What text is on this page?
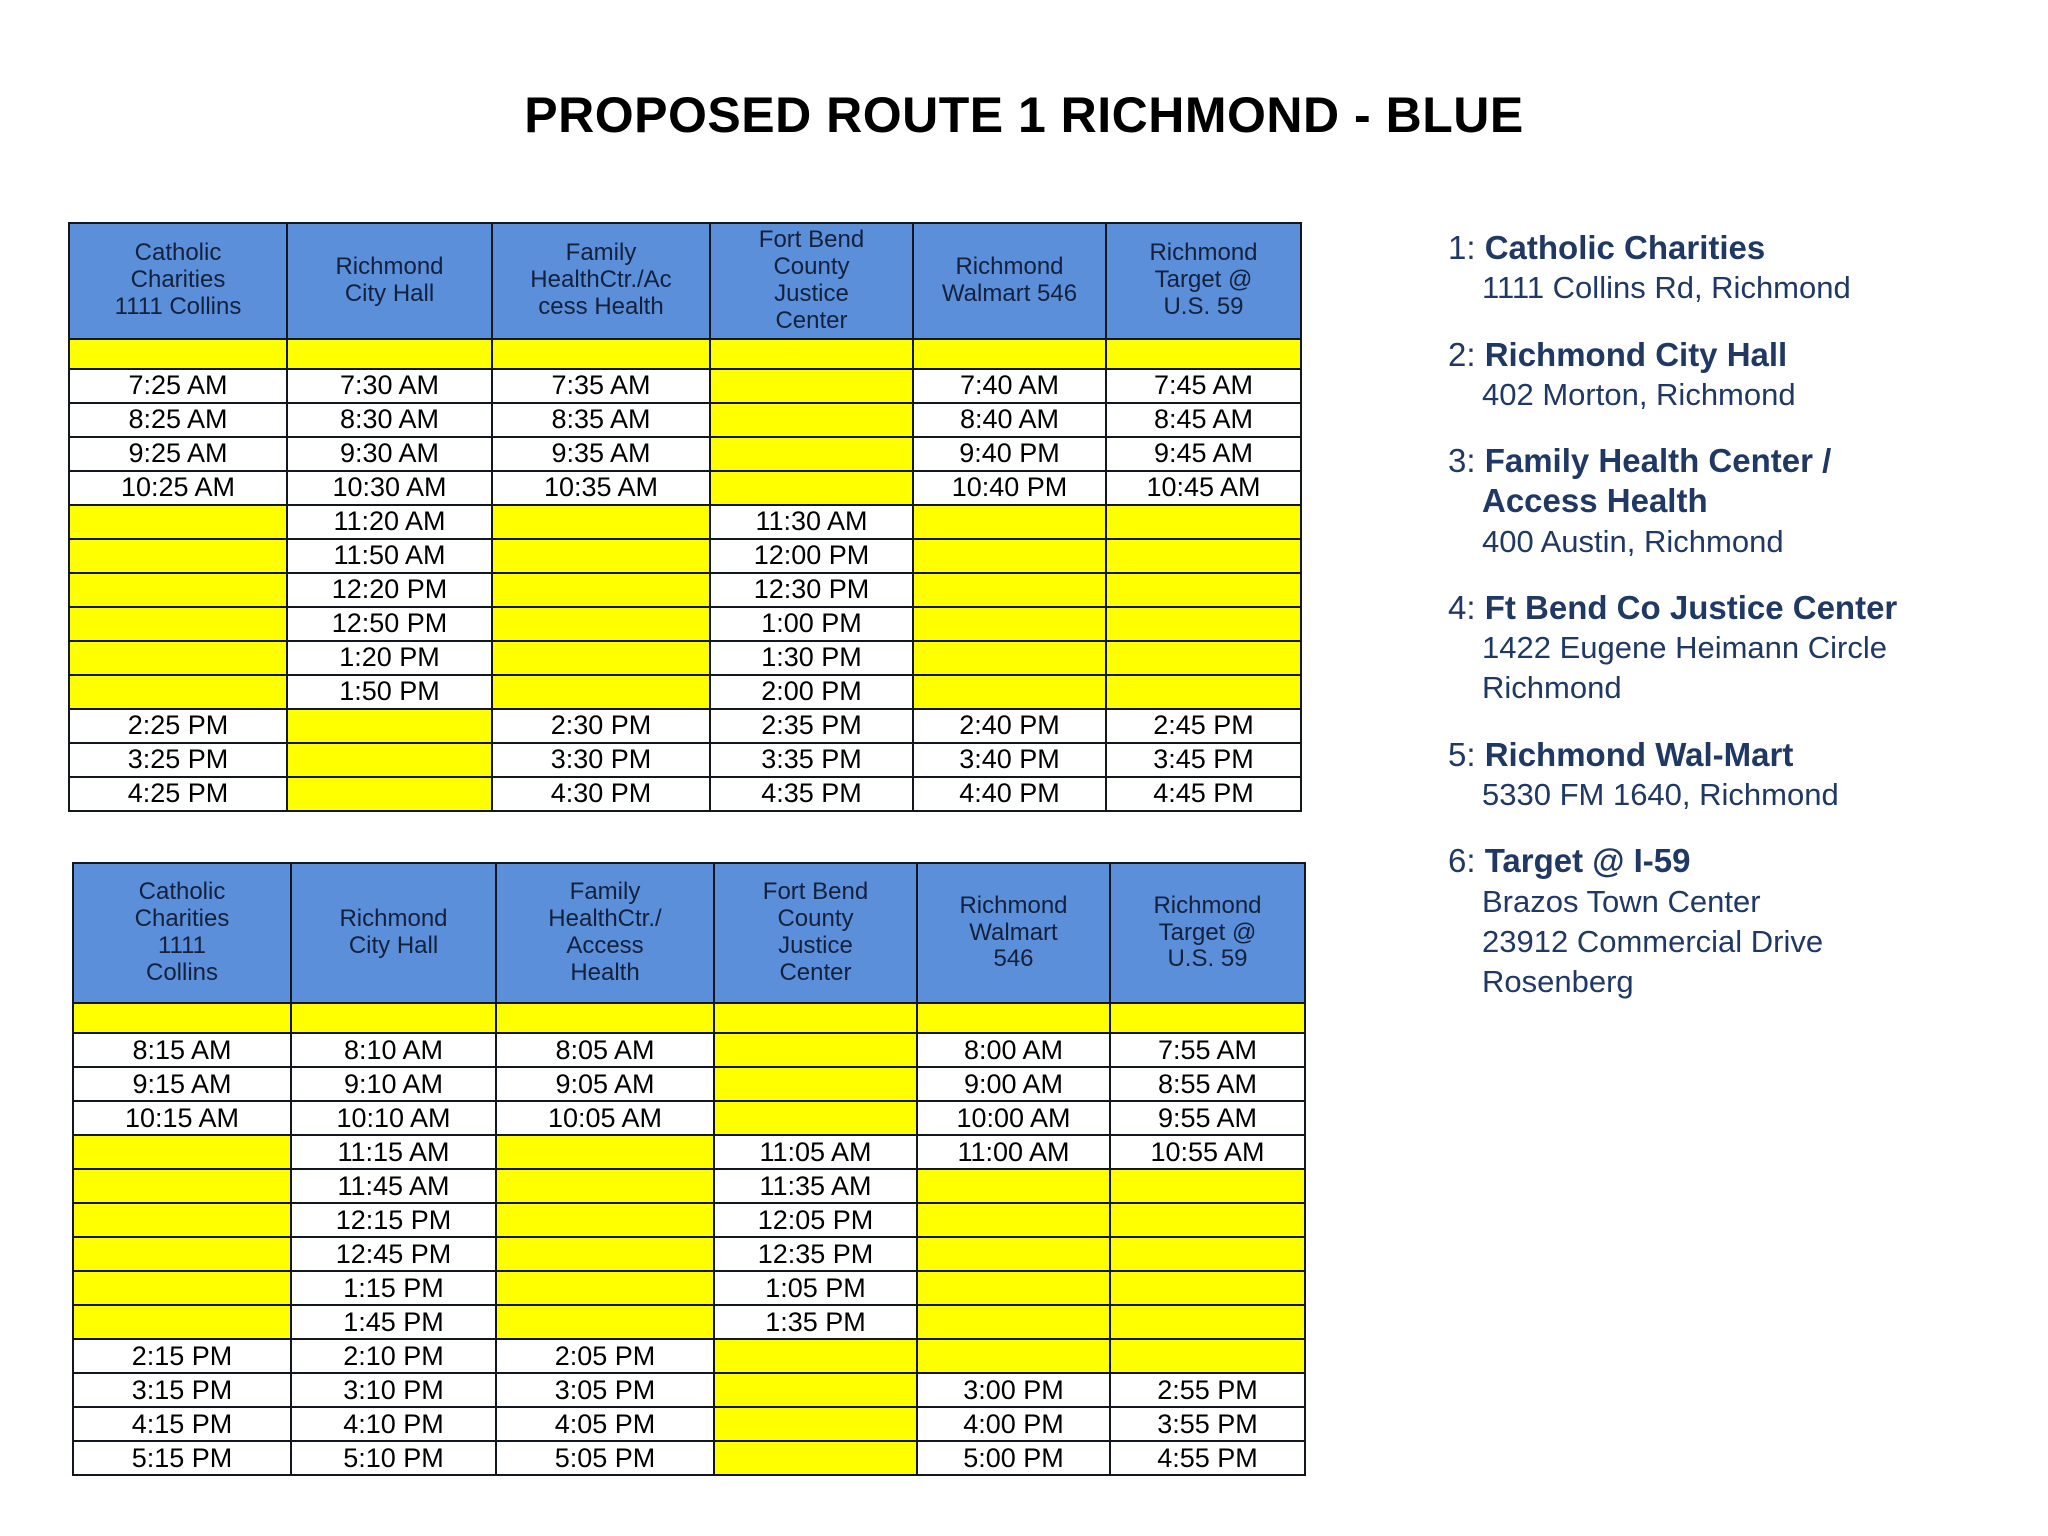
PROPOSED ROUTE 1 RICHMOND - BLUE
Catholic
Charities
1111 Collins	Richmond
City Hall	Family
HealthCtr./Ac
cess Health	Fort Bend
County
Justice
Center	Richmond
Walmart 546	Richmond
Target @
U.S. 59

7:25 AM	7:30 AM	7:35 AM		7:40 AM	7:45 AM
8:25 AM	8:30 AM	8:35 AM		8:40 AM	8:45 AM
9:25 AM	9:30 AM	9:35 AM		9:40 PM	9:45 AM
10:25 AM	10:30 AM	10:35 AM		10:40 PM	10:45 AM
	11:20 AM		11:30 AM		
	11:50 AM		12:00 PM		
	12:20 PM		12:30 PM		
	12:50 PM		1:00 PM		
	1:20 PM		1:30 PM		
	1:50 PM		2:00 PM		
2:25 PM		2:30 PM	2:35 PM	2:40 PM	2:45 PM
3:25 PM		3:30 PM	3:35 PM	3:40 PM	3:45 PM
4:25 PM		4:30 PM	4:35 PM	4:40 PM	4:45 PM
Catholic
Charities
1111
Collins	Richmond
City Hall	Family
HealthCtr./
Access
Health	Fort Bend
County
Justice
Center	Richmond
Walmart
546	Richmond
Target @
U.S. 59

8:15 AM	8:10 AM	8:05 AM		8:00 AM	7:55 AM
9:15 AM	9:10 AM	9:05 AM		9:00 AM	8:55 AM
10:15 AM	10:10 AM	10:05 AM		10:00 AM	9:55 AM
	11:15 AM		11:05 AM	11:00 AM	10:55 AM
	11:45 AM		11:35 AM		
	12:15 PM		12:05 PM		
	12:45 PM		12:35 PM		
	1:15 PM		1:05 PM		
	1:45 PM		1:35 PM		
2:15 PM	2:10 PM	2:05 PM			
3:15 PM	3:10 PM	3:05 PM		3:00 PM	2:55 PM
4:15 PM	4:10 PM	4:05 PM		4:00 PM	3:55 PM
5:15 PM	5:10 PM	5:05 PM		5:00 PM	4:55 PM
1: Catholic Charities
1111 Collins Rd, Richmond
2: Richmond City Hall
402 Morton, Richmond
3: Family Health Center /
Access Health
400 Austin, Richmond
4: Ft Bend Co Justice Center
1422 Eugene Heimann Circle
Richmond
5: Richmond Wal-Mart
5330 FM 1640, Richmond
6: Target @ I-59
Brazos Town Center
23912 Commercial Drive
Rosenberg
